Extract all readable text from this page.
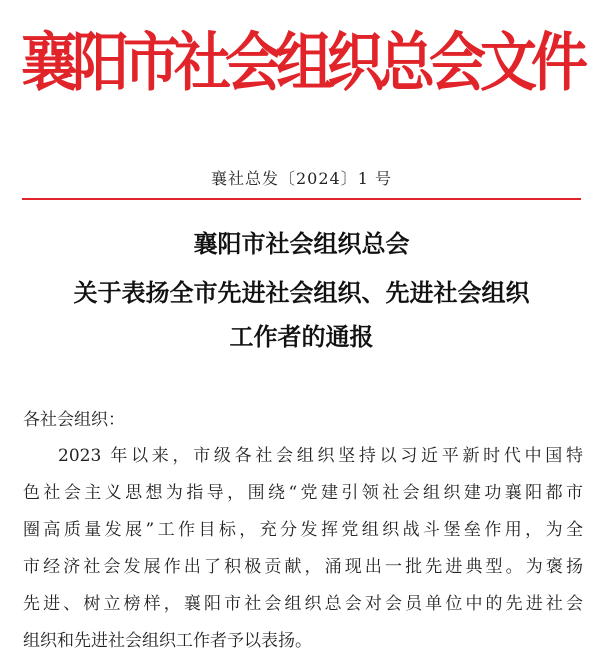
襄阳市社会组织总会文件
襄社总发〔2024〕1 号
襄阳市社会组织总会
关于表扬全市先进社会组织、先进社会组织
工作者的通报
各社会组织：
2023 年以来，市级各社会组织坚持以习近平新时代中国特
色社会主义思想为指导，围绕“党建引领社会组织建功襄阳都市
圈高质量发展”工作目标，充分发挥党组织战斗堡垒作用，为全
市经济社会发展作出了积极贡献，涌现出一批先进典型。为褒扬
先进、树立榜样，襄阳市社会组织总会对会员单位中的先进社会
组织和先进社会组织工作者予以表扬。
